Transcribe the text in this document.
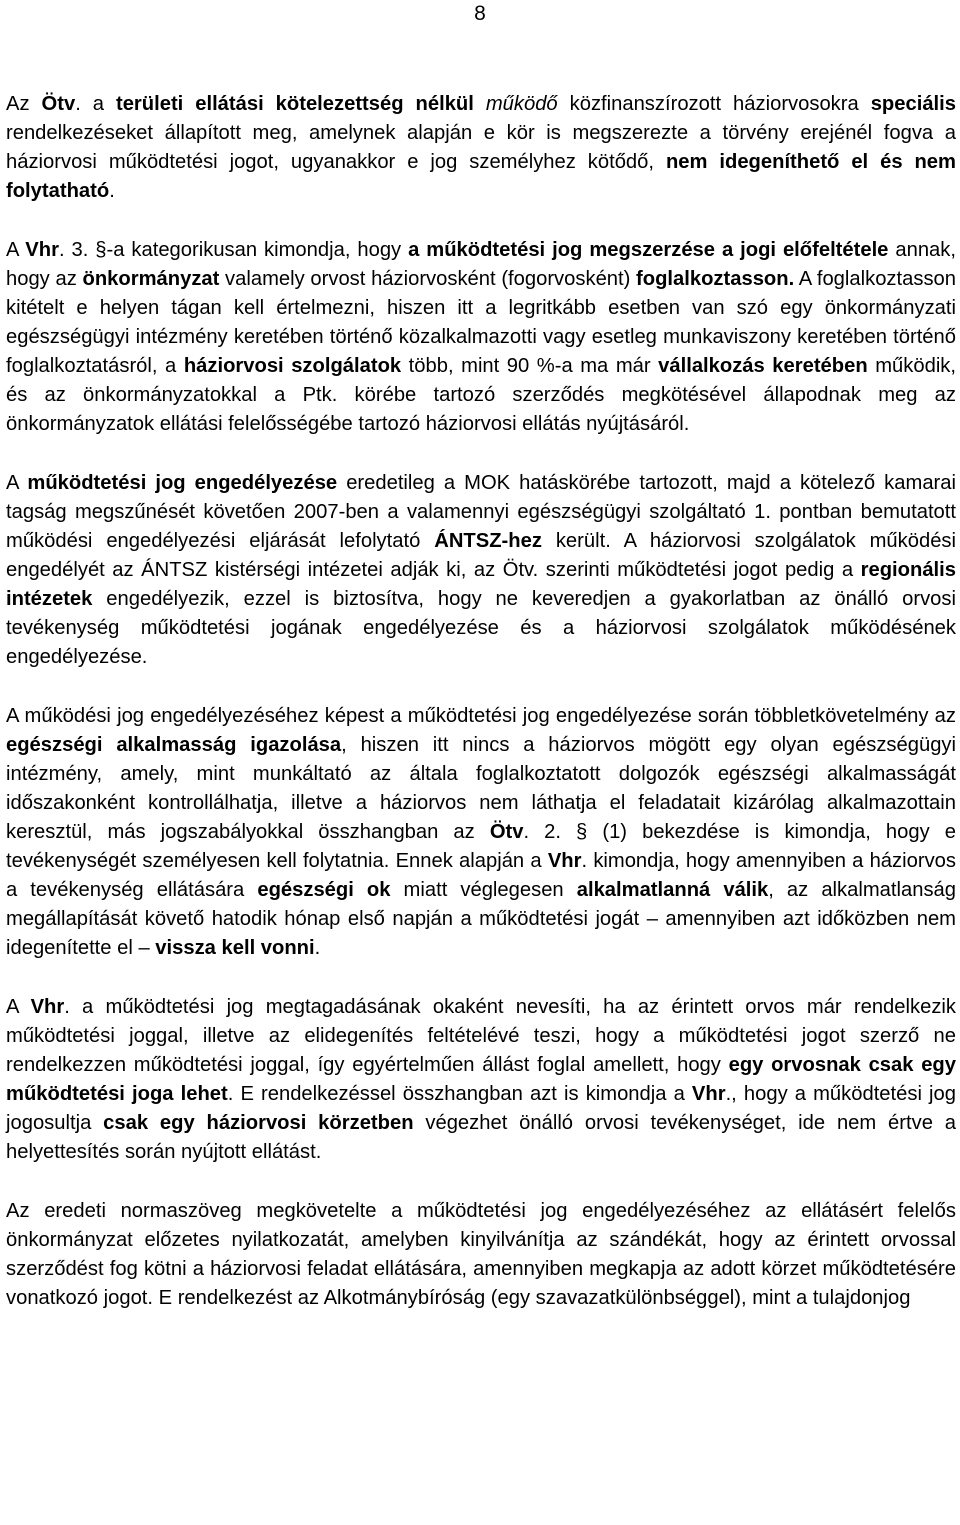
8

Az Ötv. a területi ellátási kötelezettség nélkül működő közfinanszírozott háziorvosokra speciális rendelkezéseket állapított meg, amelynek alapján e kör is megszerezte a törvény erejénél fogva a háziorvosi működtetési jogot, ugyanakkor e jog személyhez kötődő, nem idegeníthető el és nem folytatható.

A Vhr. 3. §-a kategorikusan kimondja, hogy a működtetési jog megszerzése a jogi előfeltétele annak, hogy az önkormányzat valamely orvost háziorvosként (fogorvosként) foglalkoztasson. A foglalkoztasson kitételt e helyen tágan kell értelmezni, hiszen itt a legritkább esetben van szó egy önkormányzati egészségügyi intézmény keretében történő közalkalmazotti vagy esetleg munkaviszony keretében történő foglalkoztatásról, a háziorvosi szolgálatok több, mint 90 %-a ma már vállalkozás keretében működik, és az önkormányzatokkal a Ptk. körébe tartozó szerződés megkötésével állapodnak meg az önkormányzatok ellátási felelősségébe tartozó háziorvosi ellátás nyújtásáról.

A működtetési jog engedélyezése eredetileg a MOK hatáskörébe tartozott, majd a kötelező kamarai tagság megszűnését követően 2007-ben a valamennyi egészségügyi szolgáltató 1. pontban bemutatott működési engedélyezési eljárását lefolytató ÁNTSZ-hez került. A háziorvosi szolgálatok működési engedélyét az ÁNTSZ kistérségi intézetei adják ki, az Ötv. szerinti működtetési jogot pedig a regionális intézetek engedélyezik, ezzel is biztosítva, hogy ne keveredjen a gyakorlatban az önálló orvosi tevékenység működtetési jogának engedélyezése és a háziorvosi szolgálatok működésének engedélyezése.

A működési jog engedélyezéséhez képest a működtetési jog engedélyezése során többletkövetelmény az egészségi alkalmasság igazolása, hiszen itt nincs a háziorvos mögött egy olyan egészségügyi intézmény, amely, mint munkáltató az általa foglalkoztatott dolgozók egészségi alkalmasságát időszakonként kontrollálhatja, illetve a háziorvos nem láthatja el feladatait kizárólag alkalmazottain keresztül, más jogszabályokkal összhangban az Ötv. 2. § (1) bekezdése is kimondja, hogy e tevékenységét személyesen kell folytatnia. Ennek alapján a Vhr. kimondja, hogy amennyiben a háziorvos a tevékenység ellátására egészségi ok miatt véglegesen alkalmatlanná válik, az alkalmatlanság megállapítását követő hatodik hónap első napján a működtetési jogát – amennyiben azt időközben nem idegenítette el – vissza kell vonni.

A Vhr. a működtetési jog megtagadásának okaként nevesíti, ha az érintett orvos már rendelkezik működtetési joggal, illetve az elidegenítés feltételévé teszi, hogy a működtetési jogot szerző ne rendelkezzen működtetési joggal, így egyértelműen állást foglal amellett, hogy egy orvosnak csak egy működtetési joga lehet. E rendelkezéssel összhangban azt is kimondja a Vhr., hogy a működtetési jog jogosultja csak egy háziorvosi körzetben végezhet önálló orvosi tevékenységet, ide nem értve a helyettesítés során nyújtott ellátást.

Az eredeti normaszöveg megkövetelte a működtetési jog engedélyezéséhez az ellátásért felelős önkormányzat előzetes nyilatkozatát, amelyben kinyilvánítja az szándékát, hogy az érintett orvossal szerződést fog kötni a háziorvosi feladat ellátására, amennyiben megkapja az adott körzet működtetésére vonatkozó jogot. E rendelkezést az Alkotmánybíróság (egy szavazatkülönbséggel), mint a tulajdonjog
